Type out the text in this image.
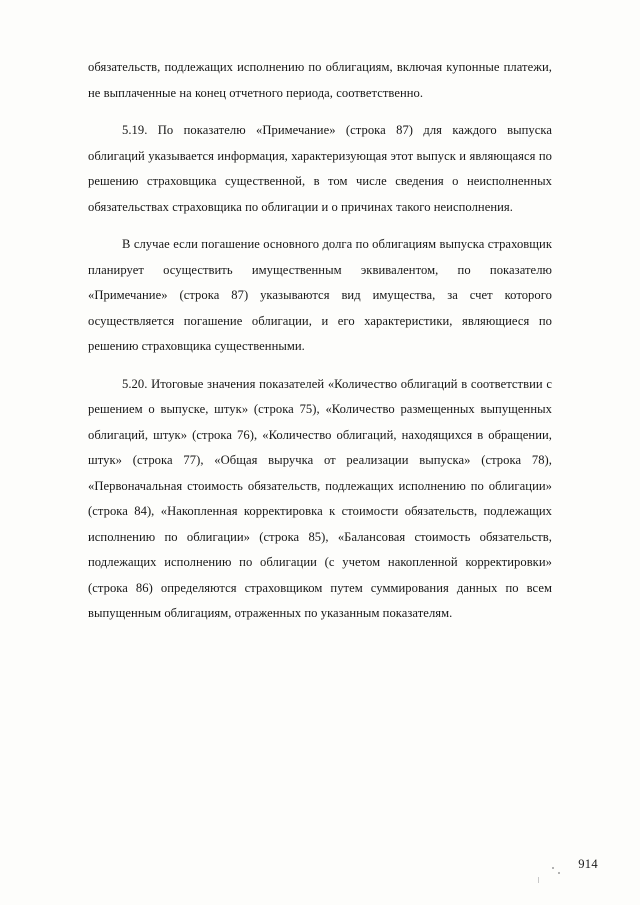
обязательств, подлежащих исполнению по облигациям, включая купонные платежи, не выплаченные на конец отчетного периода, соответственно.

5.19. По показателю «Примечание» (строка 87) для каждого выпуска облигаций указывается информация, характеризующая этот выпуск и являющаяся по решению страховщика существенной, в том числе сведения о неисполненных обязательствах страховщика по облигации и о причинах такого неисполнения.

В случае если погашение основного долга по облигациям выпуска страховщик планирует осуществить имущественным эквивалентом, по показателю «Примечание» (строка 87) указываются вид имущества, за счет которого осуществляется погашение облигации, и его характеристики, являющиеся по решению страховщика существенными.

5.20. Итоговые значения показателей «Количество облигаций в соответствии с решением о выпуске, штук» (строка 75), «Количество размещенных выпущенных облигаций, штук» (строка 76), «Количество облигаций, находящихся в обращении, штук» (строка 77), «Общая выручка от реализации выпуска» (строка 78), «Первоначальная стоимость обязательств, подлежащих исполнению по облигации» (строка 84), «Накопленная корректировка к стоимости обязательств, подлежащих исполнению по облигации» (строка 85), «Балансовая стоимость обязательств, подлежащих исполнению по облигации (с учетом накопленной корректировки» (строка 86) определяются страховщиком путем суммирования данных по всем выпущенным облигациям, отраженных по указанным показателям.

914
